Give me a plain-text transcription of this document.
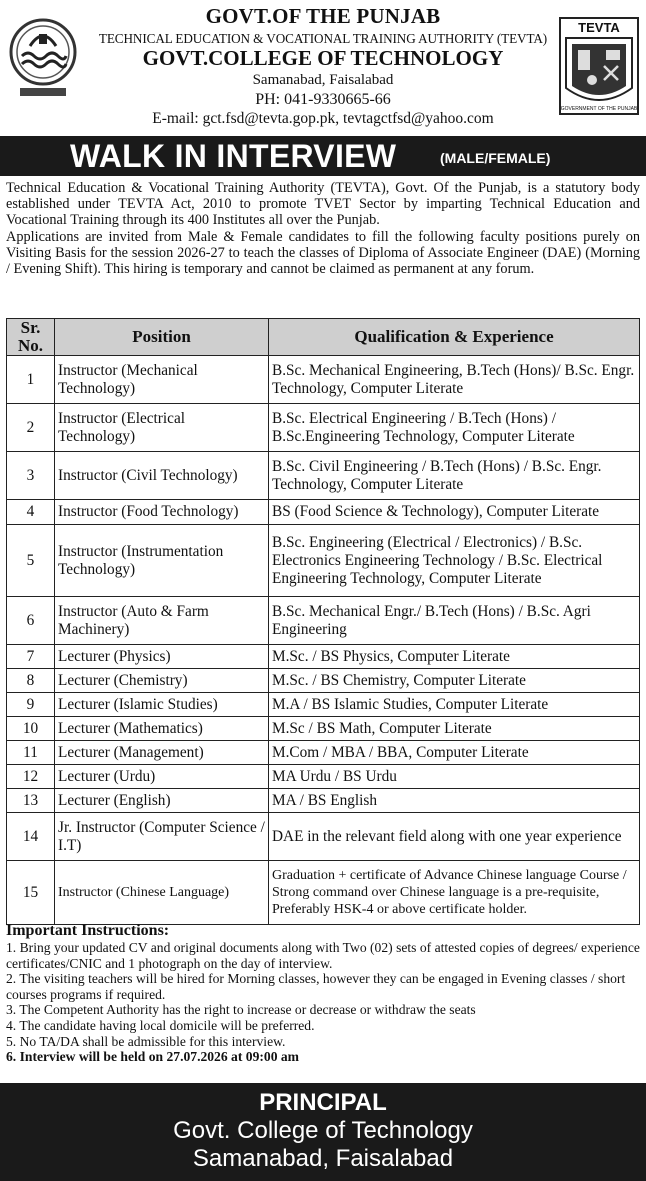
GOVT.OF THE PUNJAB
TECHNICAL EDUCATION & VOCATIONAL TRAINING AUTHORITY (TEVTA)
GOVT.COLLEGE OF TECHNOLOGY
Samanabad, Faisalabad
PH: 041-9330665-66
E-mail: gct.fsd@tevta.gop.pk, tevtagctfsd@yahoo.com
TEVTA
GOVERNMENT OF THE PUNJAB
WALK IN INTERVIEW	(MALE/FEMALE)

Technical Education & Vocational Training Authority (TEVTA), Govt. Of the Punjab, is a statutory body established under TEVTA Act, 2010 to promote TVET Sector by imparting Technical Education and Vocational Training through its 400 Institutes all over the Punjab.

Applications are invited from Male & Female candidates to fill the following faculty positions purely on Visiting Basis for the session 2026-27 to teach the classes of Diploma of Associate Engineer (DAE) (Morning / Evening Shift). This hiring is temporary and cannot be claimed as permanent at any forum.

Sr. No.	Position	Qualification & Experience
1	Instructor (Mechanical Technology)	B.Sc. Mechanical Engineering, B.Tech (Hons)/ B.Sc. Engr. Technology, Computer Literate
2	Instructor (Electrical Technology)	B.Sc. Electrical Engineering / B.Tech (Hons) / B.Sc.Engineering Technology, Computer Literate
3	Instructor (Civil Technology)	B.Sc. Civil Engineering / B.Tech (Hons) / B.Sc. Engr. Technology, Computer Literate
4	Instructor (Food Technology)	BS (Food Science & Technology), Computer Literate
5	Instructor (Instrumentation Technology)	B.Sc. Engineering (Electrical / Electronics) / B.Sc. Electronics Engineering Technology / B.Sc. Electrical Engineering Technology, Computer Literate
6	Instructor (Auto & Farm Machinery)	B.Sc. Mechanical Engr./ B.Tech (Hons) / B.Sc. Agri Engineering
7	Lecturer (Physics)	M.Sc. / BS Physics, Computer Literate
8	Lecturer (Chemistry)	M.Sc. / BS Chemistry, Computer Literate
9	Lecturer (Islamic Studies)	M.A / BS Islamic Studies, Computer Literate
10	Lecturer (Mathematics)	M.Sc / BS Math, Computer Literate
11	Lecturer (Management)	M.Com / MBA / BBA, Computer Literate
12	Lecturer (Urdu)	MA Urdu / BS Urdu
13	Lecturer (English)	MA / BS English
14	Jr. Instructor (Computer Science / I.T)	DAE in the relevant field along with one year experience
15	Instructor (Chinese Language)	Graduation + certificate of Advance Chinese language Course / Strong command over Chinese language is a pre-requisite, Preferably HSK-4 or above certificate holder.
Important Instructions:
1. Bring your updated CV and original documents along with Two (02) sets of attested copies of degrees/ experience certificates/CNIC and 1 photograph on the day of interview.
2. The visiting teachers will be hired for Morning classes, however they can be engaged in Evening classes / short courses programs if required.
3. The Competent Authority has the right to increase or decrease or withdraw the seats
4. The candidate having local domicile will be preferred.
5. No TA/DA shall be admissible for this interview.
6. Interview will be held on 27.07.2026 at 09:00 am
PRINCIPAL
Govt. College of Technology
Samanabad, Faisalabad
